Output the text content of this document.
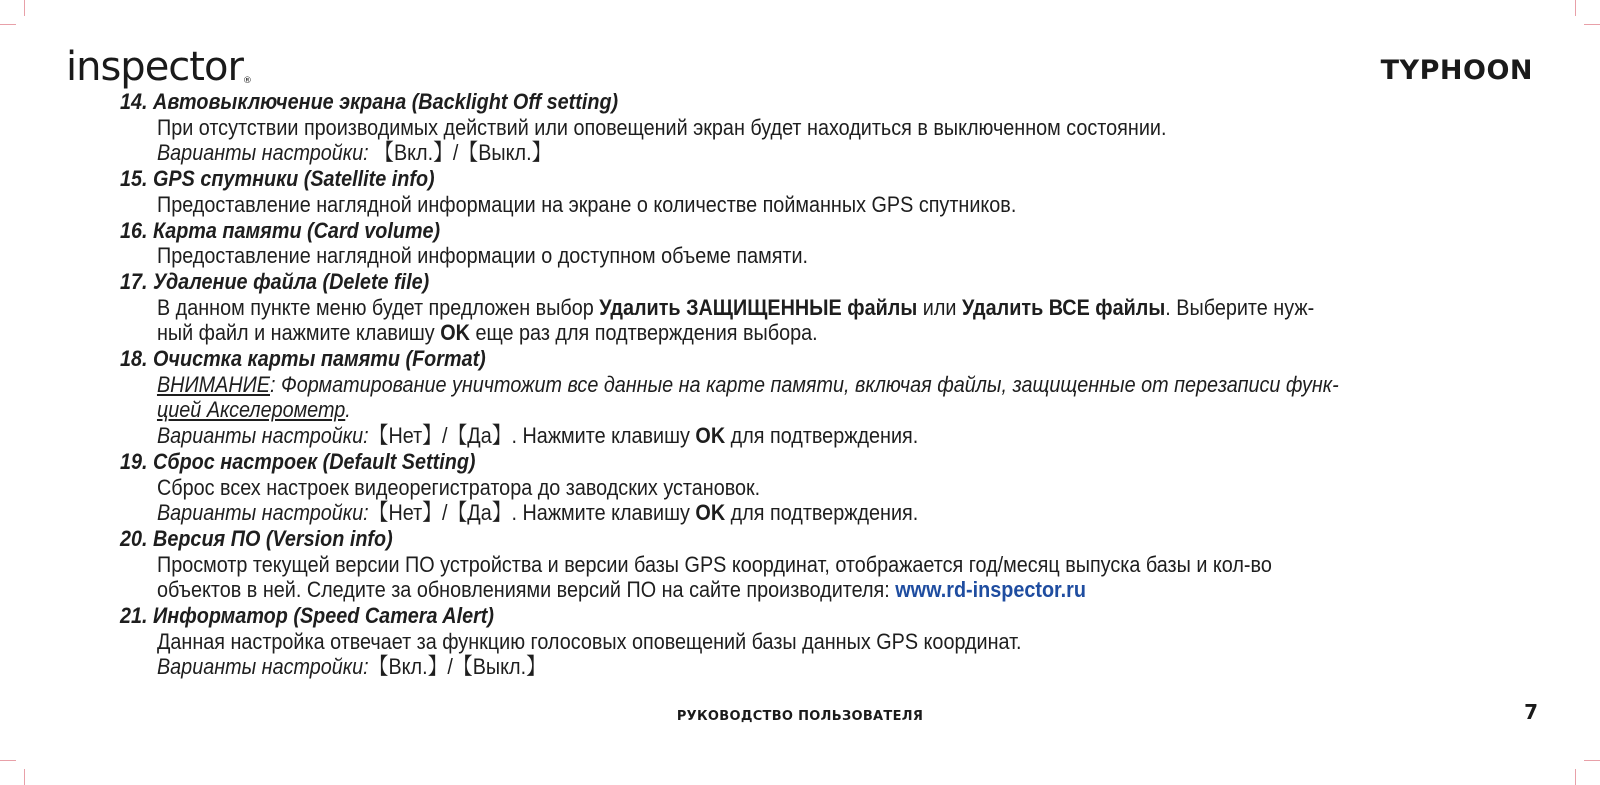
inspector®	TYPHOON
14. Автовыключение экрана (Backlight Off setting)
При отсутствии производимых действий или оповещений экран будет находиться в выключенном состоянии.
Варианты настройки: 【Вкл.】/【Выкл.】
15. GPS спутники (Satellite info)
Предоставление наглядной информации на экране о количестве пойманных GPS спутников.
16. Карта памяти (Card volume)
Предоставление наглядной информации о доступном объеме памяти.
17. Удаление файла (Delete file)
В данном пункте меню будет предложен выбор Удалить ЗАЩИЩЕННЫЕ файлы или Удалить ВСЕ файлы. Выберите нуж-
ный файл и нажмите клавишу OK еще раз для подтверждения выбора.
18. Очистка карты памяти (Format)
ВНИМАНИЕ: Форматирование уничтожит все данные на карте памяти, включая файлы, защищенные от перезаписи функ-
цией Акселерометр.
Варианты настройки:【Нет】/【Да】. Нажмите клавишу OK для подтверждения.
19. Сброс настроек (Default Setting)
Сброс всех настроек видеорегистратора до заводских установок.
Варианты настройки:【Нет】/【Да】. Нажмите клавишу OK для подтверждения.
20. Версия ПО (Version info)
Просмотр текущей версии ПО устройства и версии базы GPS координат, отображается год/месяц выпуска базы и кол-во
объектов в ней. Следите за обновлениями версий ПО на сайте производителя: www.rd-inspector.ru
21. Информатор (Speed Camera Alert)
Данная настройка отвечает за функцию голосовых оповещений базы данных GPS координат.
Варианты настройки:【Вкл.】/【Выкл.】
РУКОВОДСТВО ПОЛЬЗОВАТЕЛЯ	7
